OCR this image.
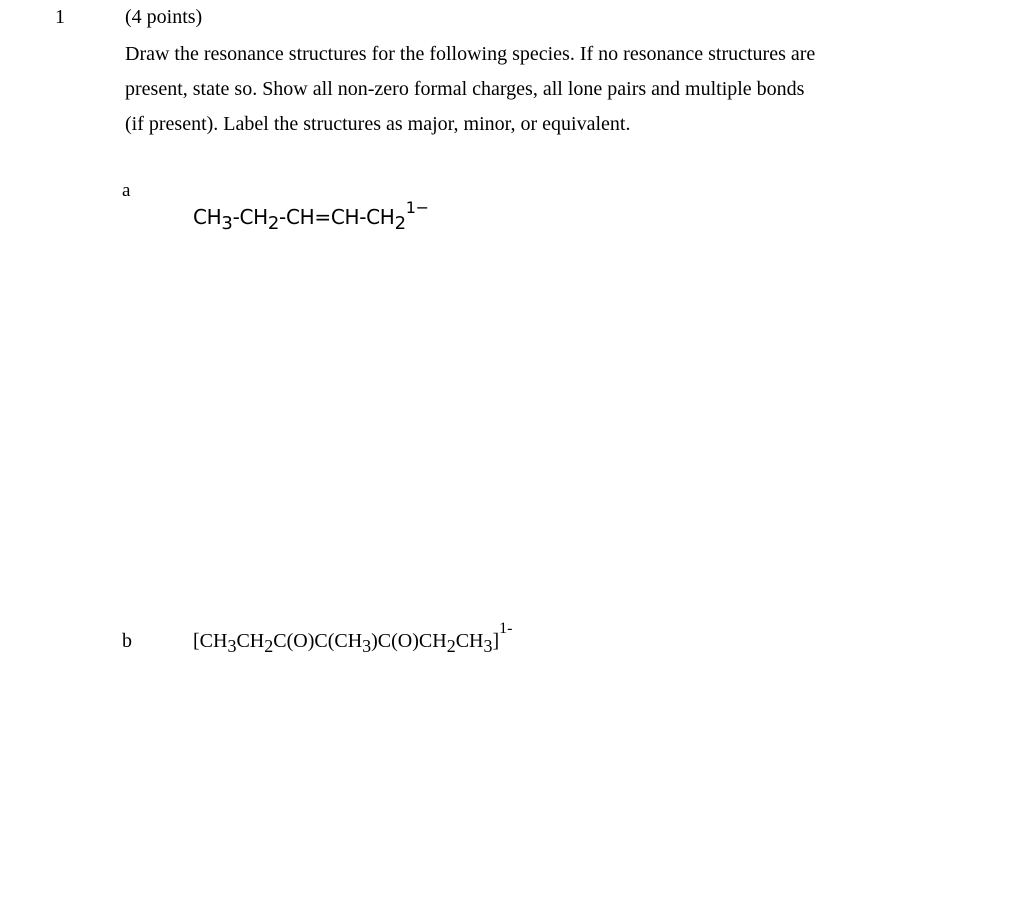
1	(4 points)

Draw the resonance structures for the following species. If no resonance structures are

present, state so. Show all non-zero formal charges, all lone pairs and multiple bonds

(if present). Label the structures as major, minor, or equivalent.

a
$CH3-CH2-CH=CH-CH2^{1-}$
b	$[CH3CH2C(O)C(CH3)C(O)CH2CH3]^{1-}$
